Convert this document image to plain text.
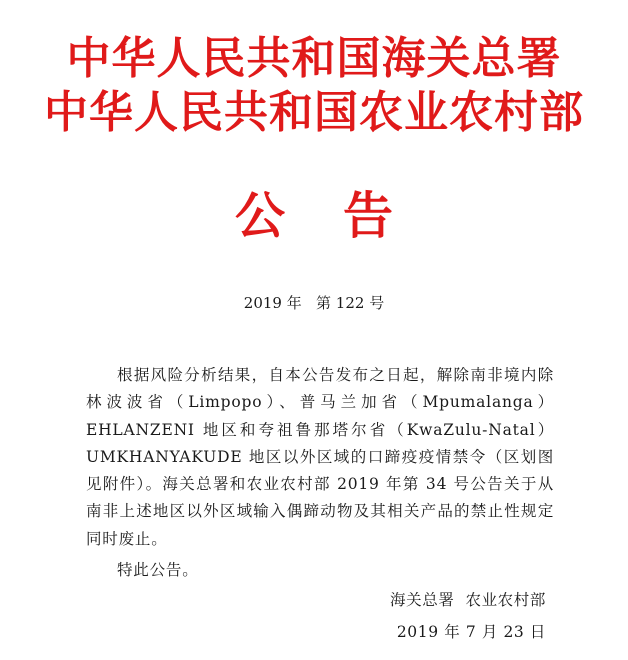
中华人民共和国海关总署
中华人民共和国农业农村部
公告
2019 年   第 122 号

根据风险分析结果，自本公告发布之日起，解除南非境内除林波波省（Limpopo）、普马兰加省（Mpumalanga）EHLANZENI 地区和夸祖鲁那塔尔省（KwaZulu-Natal）UMKHANYAKUDE 地区以外区域的口蹄疫疫情禁令（区划图见附件）。海关总署和农业农村部 2019 年第 34 号公告关于从南非上述地区以外区域输入偶蹄动物及其相关产品的禁止性规定同时废止。

特此公告。
海关总署  农业农村部
2019 年 7 月 23 日
